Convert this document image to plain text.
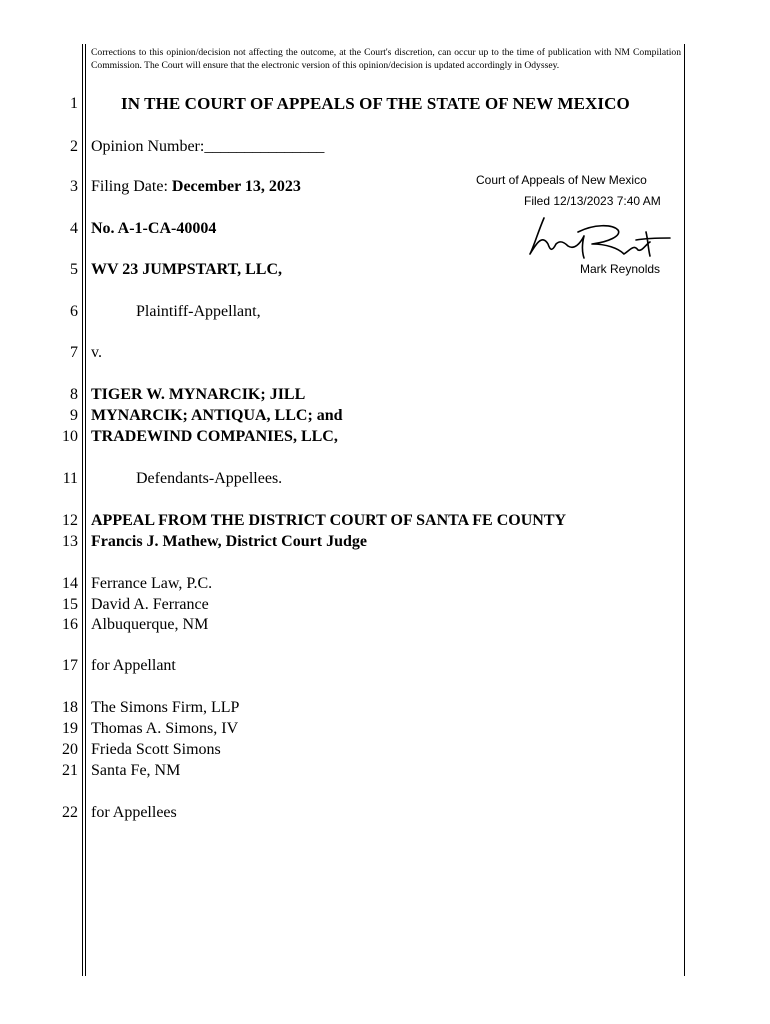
Corrections to this opinion/decision not affecting the outcome, at the Court's discretion, can occur up to the time of publication with NM Compilation Commission. The Court will ensure that the electronic version of this opinion/decision is updated accordingly in Odyssey.
1	IN THE COURT OF APPEALS OF THE STATE OF NEW MEXICO
2 Opinion Number:_______________
3 Filing Date: December 13, 2023
4 No. A-1-CA-40004
5 WV 23 JUMPSTART, LLC,
6	Plaintiff-Appellant,
7 v.
8 TIGER W. MYNARCIK; JILL
9 MYNARCIK; ANTIQUA, LLC; and
10 TRADEWIND COMPANIES, LLC,
11	Defendants-Appellees.
12 APPEAL FROM THE DISTRICT COURT OF SANTA FE COUNTY
13 Francis J. Mathew, District Court Judge
14 Ferrance Law, P.C.
15 David A. Ferrance
16 Albuquerque, NM
17 for Appellant
18 The Simons Firm, LLP
19 Thomas A. Simons, IV
20 Frieda Scott Simons
21 Santa Fe, NM
22 for Appellees
Court of Appeals of New Mexico
Filed 12/13/2023 7:40 AM
Mark Reynolds
